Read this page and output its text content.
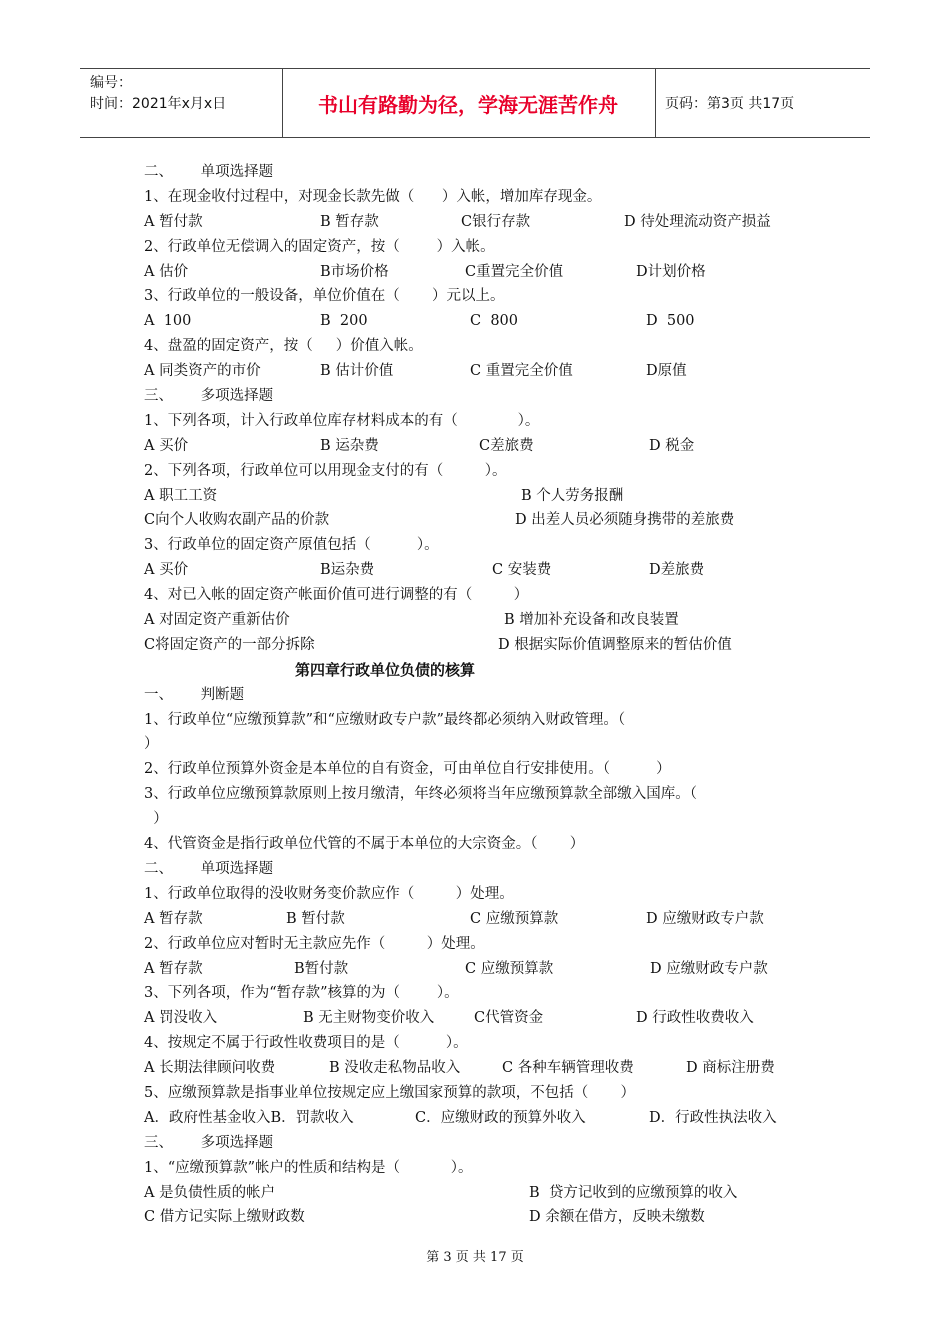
编号：
时间：2021年x月x日	书山有路勤为径，学海无涯苦作舟	页码：第3页 共17页
二、      单项选择题
1、在现金收付过程中，对现金长款先做（      ）入帐，增加库存现金。
A 暂付款	B 暂存款	C银行存款	D 待处理流动资产损益
2、行政单位无偿调入的固定资产，按（        ）入帐。
A 估价	B市场价格	C重置完全价值	D计划价格
3、行政单位的一般设备，单位价值在（       ）元以上。
A  100	B  200	C  800	D  500
4、盘盈的固定资产，按（     ）价值入帐。
A 同类资产的市价	B 估计价值	C 重置完全价值	D原值
三、      多项选择题
1、下列各项，计入行政单位库存材料成本的有（             ）。
A 买价	B 运杂费	C差旅费	D 税金
2、下列各项，行政单位可以用现金支付的有（         ）。
A 职工工资	B 个人劳务报酬
C向个人收购农副产品的价款	D 出差人员必须随身携带的差旅费
3、行政单位的固定资产原值包括（          ）。
A 买价	B运杂费	C 安装费	D差旅费
4、对已入帐的固定资产帐面价值可进行调整的有（         ）
A 对固定资产重新估价	B 增加补充设备和改良装置
C将固定资产的一部分拆除	D 根据实际价值调整原来的暂估价值
第四章行政单位负债的核算
一、      判断题
1、行政单位“应缴预算款”和“应缴财政专户款”最终都必须纳入财政管理。（
）
2、行政单位预算外资金是本单位的自有资金，可由单位自行安排使用。（          ）
3、行政单位应缴预算款原则上按月缴清，年终必须将当年应缴预算款全部缴入国库。（
）
4、代管资金是指行政单位代管的不属于本单位的大宗资金。（       ）
二、      单项选择题
1、行政单位取得的没收财务变价款应作（         ）处理。
A 暂存款	B 暂付款	C 应缴预算款	D 应缴财政专户款
2、行政单位应对暂时无主款应先作（         ）处理。
A 暂存款	B暂付款	C 应缴预算款	D 应缴财政专户款
3、下列各项，作为“暂存款”核算的为（        ）。
A 罚没收入	B 无主财物变价收入	C代管资金	D 行政性收费收入
4、按规定不属于行政性收费项目的是（          ）。
A 长期法律顾问收费	B 没收走私物品收入	C 各种车辆管理收费	D 商标注册费
5、应缴预算款是指事业单位按规定应上缴国家预算的款项，不包括（       ）
A．政府性基金收入B．罚款收入	C．应缴财政的预算外收入	D．行政性执法收入
三、      多项选择题
1、“应缴预算款”帐户的性质和结构是（           ）。
A 是负债性质的帐户	B  贷方记收到的应缴预算的收入
C 借方记实际上缴财政数	D 余额在借方，反映未缴数
第 3 页 共 17 页
